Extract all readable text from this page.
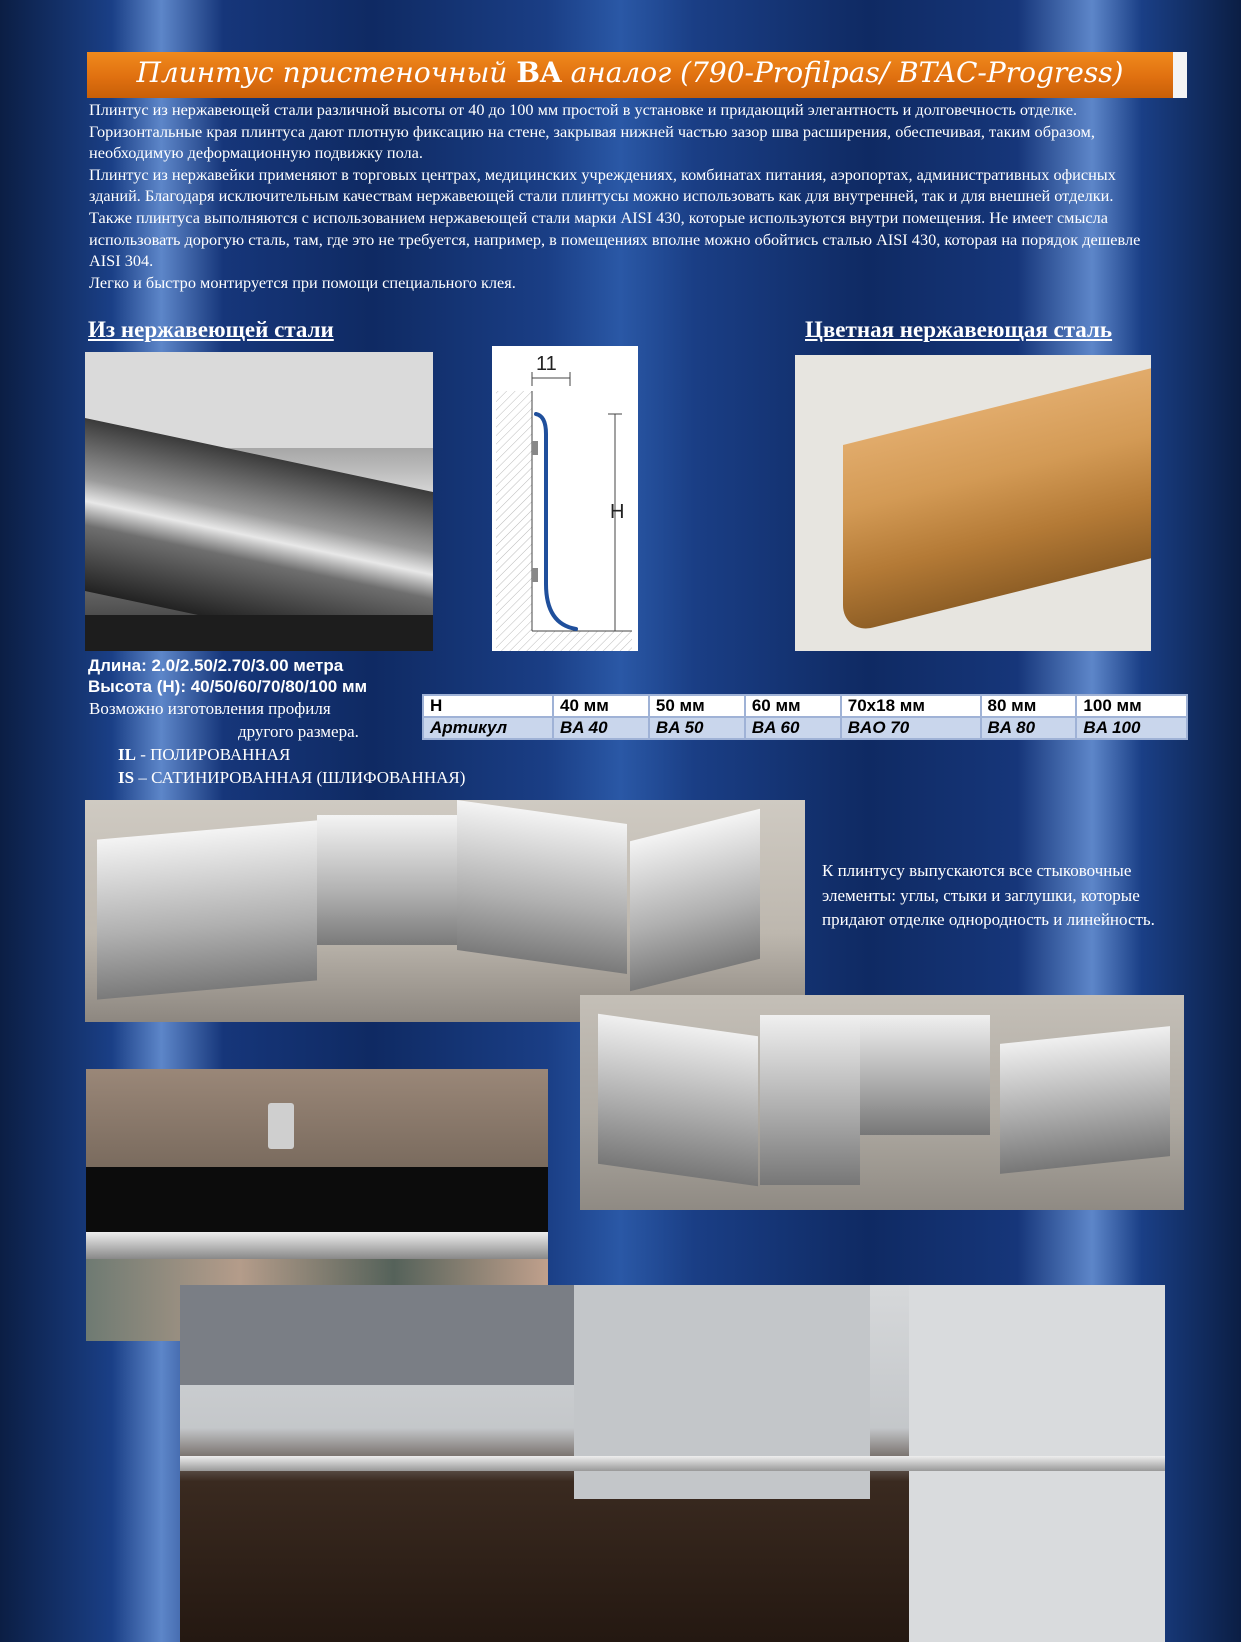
Плинтус пристеночный BA аналог (790-Profilpas/ BTAC-Progress)

Плинтус из нержавеющей стали различной высоты от 40 до 100 мм простой в установке и придающий элегантность и долговечность отделке. Горизонтальные края плинтуса дают плотную фиксацию на стене, закрывая нижней частью зазор шва расширения, обеспечивая, таким образом, необходимую деформационную подвижку пола.

Плинтус из нержавейки применяют в торговых центрах, медицинских учреждениях, комбинатах питания, аэропортах, административных офисных зданий. Благодаря исключительным качествам нержавеющей стали плинтусы можно использовать как для внутренней, так и для внешней отделки.

Также плинтуса выполняются с использованием нержавеющей стали марки AISI 430, которые используются внутри помещения. Не имеет смысла использовать дорогую сталь, там, где это не требуется, например, в помещениях вполне можно обойтись сталью AISI 430, которая на порядок дешевле AISI 304.

Легко и быстро монтируется при помощи специального клея.

Из нержавеющей стали	Цветная нержавеющая сталь
11
H
Длина: 2.0/2.50/2.70/3.00 метра
Высота (Н): 40/50/60/70/80/100 мм
Возможно изготовления профиля
другого размера.
Н	40 мм	50 мм	60 мм	70x18 мм	80 мм	100 мм
Артикул	BA 40	BA 50	BA 60	BAO 70	BA 80	BA 100
IL - ПОЛИРОВАННАЯ
IS – САТИНИРОВАННАЯ (ШЛИФОВАННАЯ)
К плинтусу выпускаются все стыковочные элементы: углы, стыки и заглушки, которые придают отделке однородность и линейность.
